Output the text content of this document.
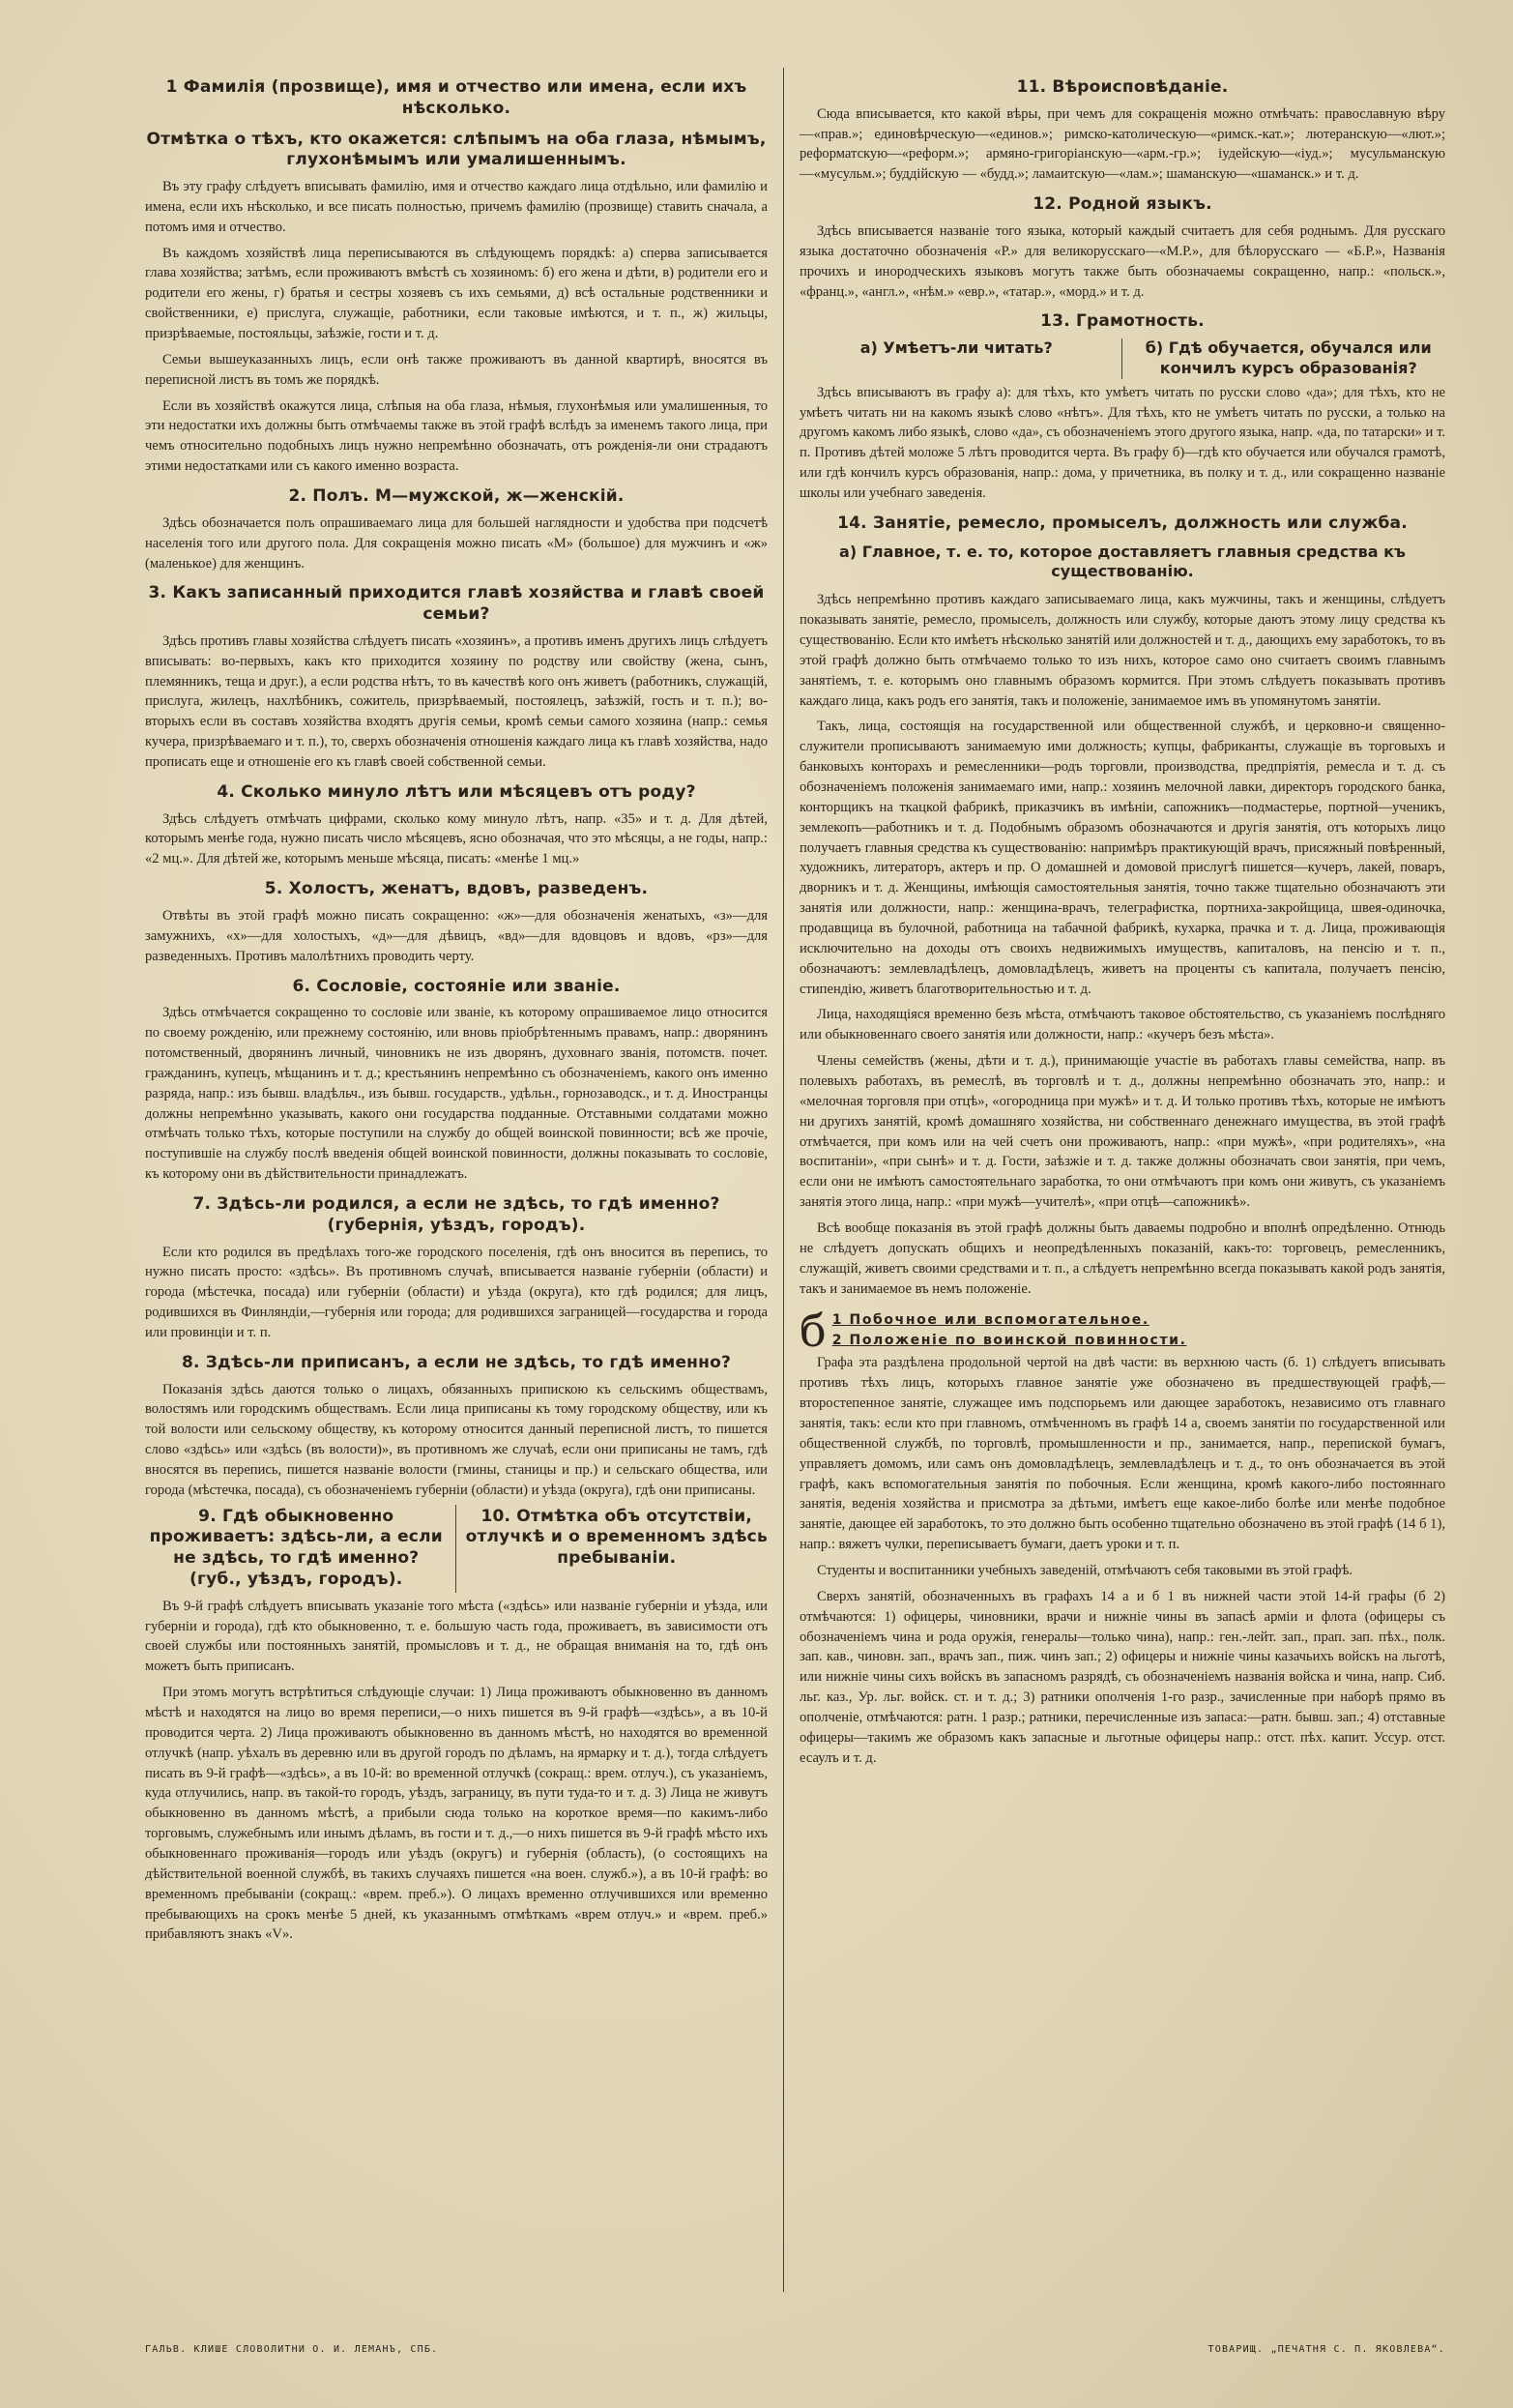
1 Фамилія (прозвище), имя и отчество или имена, если ихъ нѣсколько.
Отмѣтка о тѣхъ, кто окажется: слѣпымъ на оба глаза, нѣмымъ, глухонѣмымъ или умалишеннымъ.

Въ эту графу слѣдуетъ вписывать фамилію, имя и отчество каждаго лица отдѣльно, или фамилію и имена, если ихъ нѣсколько, и все писать полностью, причемъ фамилію (прозвище) ставить сначала, а потомъ имя и отчество.

Въ каждомъ хозяйствѣ лица переписываются въ слѣдующемъ порядкѣ: а) сперва записывается глава хозяйства; затѣмъ, если проживаютъ вмѣстѣ съ хозяиномъ: б) его жена и дѣти, в) родители его и родители его жены, г) братья и сестры хозяевъ съ ихъ семьями, д) всѣ остальные родственники и свойственники, е) прислуга, служащіе, работники, если таковые имѣются, и т. п., ж) жильцы, призрѣваемые, постояльцы, заѣзжіе, гости и т. д.

Семьи вышеуказанныхъ лицъ, если онѣ также проживаютъ въ данной квартирѣ, вносятся въ переписной листъ въ томъ же порядкѣ.

Если въ хозяйствѣ окажутся лица, слѣпыя на оба глаза, нѣмыя, глухонѣмыя или умалишенныя, то эти недостатки ихъ должны быть отмѣчаемы также въ этой графѣ вслѣдъ за именемъ такого лица, при чемъ относительно подобныхъ лицъ нужно непремѣнно обозначать, отъ рожденія-ли они страдаютъ этими недостатками или съ какого именно возраста.

2. Полъ. М—мужской, ж—женскій.

Здѣсь обозначается полъ опрашиваемаго лица для большей наглядности и удобства при подсчетѣ населенія того или другого пола. Для сокращенія можно писать «М» (большое) для мужчинъ и «ж» (маленькое) для женщинъ.

3. Какъ записанный приходится главѣ хозяйства и главѣ своей семьи?

Здѣсь противъ главы хозяйства слѣдуетъ писать «хозяинъ», а противъ именъ другихъ лицъ слѣдуетъ вписывать: во-первыхъ, какъ кто приходится хозяину по родству или свойству (жена, сынъ, племянникъ, теща и друг.), а если родства нѣтъ, то въ качествѣ кого онъ живетъ (работникъ, служащій, прислуга, жилецъ, нахлѣбникъ, сожитель, призрѣваемый, постоялецъ, заѣзжій, гость и т. п.); во-вторыхъ если въ составъ хозяйства входятъ другія семьи, кромѣ семьи самого хозяина (напр.: семья кучера, призрѣваемаго и т. п.), то, сверхъ обозначенія отношенія каждаго лица къ главѣ хозяйства, надо прописать еще и отношеніе его къ главѣ своей собственной семьи.

4. Сколько минуло лѣтъ или мѣсяцевъ отъ роду?

Здѣсь слѣдуетъ отмѣчать цифрами, сколько кому минуло лѣтъ, напр. «35» и т. д. Для дѣтей, которымъ менѣе года, нужно писать число мѣсяцевъ, ясно обозначая, что это мѣсяцы, а не годы, напр.: «2 мц.». Для дѣтей же, которымъ меньше мѣсяца, писать: «менѣе 1 мц.»

5. Холостъ, женатъ, вдовъ, разведенъ.

Отвѣты въ этой графѣ можно писать сокращенно: «ж»—для обозначенія женатыхъ, «з»—для замужнихъ, «х»—для холостыхъ, «д»—для дѣвицъ, «вд»—для вдовцовъ и вдовъ, «рз»—для разведенныхъ. Противъ малолѣтнихъ проводить черту.

6. Сословіе, состояніе или званіе.

Здѣсь отмѣчается сокращенно то сословіе или званіе, къ которому опрашиваемое лицо относится по своему рожденію, или прежнему состоянію, или вновь пріобрѣтеннымъ правамъ, напр.: дворянинъ потомственный, дворянинъ личный, чиновникъ не изъ дворянъ, духовнаго званія, потомств. почет. гражданинъ, купецъ, мѣщанинъ и т. д.; крестьянинъ непремѣнно съ обозначеніемъ, какого онъ именно разряда, напр.: изъ бывш. владѣльч., изъ бывш. государств., удѣльн., горнозаводск., и т. д. Иностранцы должны непремѣнно указывать, какого они государства подданные. Отставными солдатами можно отмѣчать только тѣхъ, которые поступили на службу до общей воинской повинности; всѣ же прочіе, поступившіе на службу послѣ введенія общей воинской повинности, должны показывать то сословіе, къ которому они въ дѣйствительности принадлежатъ.

7. Здѣсь-ли родился, а если не здѣсь, то гдѣ именно? (губернія, уѣздъ, городъ).

Если кто родился въ предѣлахъ того-же городского поселенія, гдѣ онъ вносится въ перепись, то нужно писать просто: «здѣсь». Въ противномъ случаѣ, вписывается названіе губерніи (области) и города (мѣстечка, посада) или губерніи (области) и уѣзда (округа), кто гдѣ родился; для лицъ, родившихся въ Финляндіи,—губернія или города; для родившихся заграницей—государства и города или провинціи и т. п.

8. Здѣсь-ли приписанъ, а если не здѣсь, то гдѣ именно?

Показанія здѣсь даются только о лицахъ, обязанныхъ припискою къ сельскимъ обществамъ, волостямъ или городскимъ обществамъ. Если лица приписаны къ тому городскому обществу, или къ той волости или сельскому обществу, къ которому относится данный переписной листъ, то пишется слово «здѣсь» или «здѣсь (въ волости)», въ противномъ же случаѣ, если они приписаны не тамъ, гдѣ вносятся въ перепись, пишется названіе волости (гмины, станицы и пр.) и сельскаго общества, или города (мѣстечка, посада), съ обозначеніемъ губерніи (области) и уѣзда (округа), гдѣ они приписаны.

9. Гдѣ обыкновенно проживаетъ: здѣсь-ли, а если не здѣсь, то гдѣ именно? (губ., уѣздъ, городъ).
10. Отмѣтка объ отсутствіи, отлучкѣ и о временномъ здѣсь пребываніи.

Въ 9-й графѣ слѣдуетъ вписывать указаніе того мѣста («здѣсь» или названіе губерніи и уѣзда, или губерніи и города), гдѣ кто обыкновенно, т. е. большую часть года, проживаетъ, въ зависимости отъ своей службы или постоянныхъ занятій, промысловъ и т. д., не обращая вниманія на то, гдѣ онъ можетъ быть приписанъ.

При этомъ могутъ встрѣтиться слѣдующіе случаи: 1) Лица проживаютъ обыкновенно въ данномъ мѣстѣ и находятся на лицо во время переписи,—о нихъ пишется въ 9-й графѣ—«здѣсь», а въ 10-й проводится черта. 2) Лица проживаютъ обыкновенно въ данномъ мѣстѣ, но находятся во временной отлучкѣ (напр. уѣхалъ въ деревню или въ другой городъ по дѣламъ, на ярмарку и т. д.), тогда слѣдуетъ писать въ 9-й графѣ—«здѣсь», а въ 10-й: во временной отлучкѣ (сокращ.: врем. отлуч.), съ указаніемъ, куда отлучились, напр. въ такой-то городъ, уѣздъ, заграницу, въ пути туда-то и т. д. 3) Лица не живутъ обыкновенно въ данномъ мѣстѣ, а прибыли сюда только на короткое время—по какимъ-либо торговымъ, служебнымъ или инымъ дѣламъ, въ гости и т. д.,—о нихъ пишется въ 9-й графѣ мѣсто ихъ обыкновеннаго проживанія—городъ или уѣздъ (округъ) и губернія (область), (о состоящихъ на дѣйствительной военной службѣ, въ такихъ случаяхъ пишется «на воен. служб.»), а въ 10-й графѣ: во временномъ пребываніи (сокращ.: «врем. преб.»). О лицахъ временно отлучившихся или временно пребывающихъ на срокъ менѣе 5 дней, къ указаннымъ отмѣткамъ «врем отлуч.» и «врем. преб.» прибавляютъ знакъ «V».

11. Вѣроисповѣданіе.

Сюда вписывается, кто какой вѣры, при чемъ для сокращенія можно отмѣчать: православную вѣру—«прав.»; единовѣрческую—«единов.»; римско-католическую—«римск.-кат.»; лютеранскую—«лют.»; реформатскую—«реформ.»; армяно-григоріанскую—«арм.-гр.»; іудейскую—«іуд.»; мусульманскую—«мусульм.»; буддійскую — «будд.»; ламаитскую—«лам.»; шаманскую—«шаманск.» и т. д.

12. Родной языкъ.

Здѣсь вписывается названіе того языка, который каждый считаетъ для себя роднымъ. Для русскаго языка достаточно обозначенія «Р.» для великорусскаго—«М.Р.», для бѣлорусскаго — «Б.Р.», Названія прочихъ и инородческихъ языковъ могутъ также быть обозначаемы сокращенно, напр.: «польск.», «франц.», «англ.», «нѣм.» «евр.», «татар.», «морд.» и т. д.

13. Грамотность.
а) Умѣетъ-ли читать?	б) Гдѣ обучается, обучался или кончилъ курсъ образованія?

Здѣсь вписываютъ въ графу а): для тѣхъ, кто умѣетъ читать по русски слово «да»; для тѣхъ, кто не умѣетъ читать ни на какомъ языкѣ слово «нѣтъ». Для тѣхъ, кто не умѣетъ читать по русски, а только на другомъ какомъ либо языкѣ, слово «да», съ обозначеніемъ этого другого языка, напр. «да, по татарски» и т. п. Противъ дѣтей моложе 5 лѣтъ проводится черта. Въ графу б)—гдѣ кто обучается или обучался грамотѣ, или гдѣ кончилъ курсъ образованія, напр.: дома, у причетника, въ полку и т. д., или сокращенно названіе школы или учебнаго заведенія.

14. Занятіе, ремесло, промыселъ, должность или служба.
а) Главное, т. е. то, которое доставляетъ главныя средства къ существованію.

Здѣсь непремѣнно противъ каждаго записываемаго лица, какъ мужчины, такъ и женщины, слѣдуетъ показывать занятіе, ремесло, промыселъ, должность или службу, которые даютъ этому лицу средства къ существованію. Если кто имѣетъ нѣсколько занятій или должностей и т. д., дающихъ ему заработокъ, то въ этой графѣ должно быть отмѣчаемо только то изъ нихъ, которое само оно считаетъ своимъ главнымъ занятіемъ, т. е. которымъ оно главнымъ образомъ кормится. При этомъ слѣдуетъ показывать противъ каждаго лица, какъ родъ его занятія, такъ и положеніе, занимаемое имъ въ упомянутомъ занятіи.

Такъ, лица, состоящія на государственной или общественной службѣ, и церковно-и священно-служители прописываютъ занимаемую ими должность; купцы, фабриканты, служащіе въ торговыхъ и банковыхъ конторахъ и ремесленники—родъ торговли, производства, предпріятія, ремесла и т. д. съ обозначеніемъ положенія занимаемаго ими, напр.: хозяинъ мелочной лавки, директоръ городского банка, конторщикъ на ткацкой фабрикѣ, приказчикъ въ имѣніи, сапожникъ—подмастерье, портной—ученикъ, землекопъ—работникъ и т. д. Подобнымъ образомъ обозначаются и другія занятія, отъ которыхъ лицо получаетъ главныя средства къ существованію: напримѣръ практикующій врачъ, присяжный повѣренный, художникъ, литераторъ, актеръ и пр. О домашней и домовой прислугѣ пишется—кучеръ, лакей, поваръ, дворникъ и т. д. Женщины, имѣющія самостоятельныя занятія, точно также тщательно обозначаютъ эти занятія или должности, напр.: женщина-врачъ, телеграфистка, портниха-закройщица, швея-одиночка, продавщица въ булочной, работница на табачной фабрикѣ, кухарка, прачка и т. д. Лица, проживающія исключительно на доходы отъ своихъ недвижимыхъ имуществъ, капиталовъ, на пенсію и т. п., обозначаютъ: землевладѣлецъ, домовладѣлецъ, живетъ на проценты съ капитала, получаетъ пенсію, стипендію, живетъ благотворительностью и т. д.

Лица, находящіяся временно безъ мѣста, отмѣчаютъ таковое обстоятельство, съ указаніемъ послѣдняго или обыкновеннаго своего занятія или должности, напр.: «кучеръ безъ мѣста».

Члены семействъ (жены, дѣти и т. д.), принимающіе участіе въ работахъ главы семейства, напр. въ полевыхъ работахъ, въ ремеслѣ, въ торговлѣ и т. д., должны непремѣнно обозначать это, напр.: и «мелочная торговля при отцѣ», «огородница при мужѣ» и т. д. И только противъ тѣхъ, которые не имѣютъ ни другихъ занятій, кромѣ домашняго хозяйства, ни собственнаго денежнаго имущества, въ этой графѣ отмѣчается, при комъ или на чей счетъ они проживаютъ, напр.: «при мужѣ», «при родителяхъ», «на воспитаніи», «при сынѣ» и т. д. Гости, заѣзжіе и т. д. также должны обозначать свои занятія, при чемъ, если они не имѣютъ самостоятельнаго заработка, то они отмѣчаютъ при комъ они живутъ, съ указаніемъ занятія этого лица, напр.: «при мужѣ—учителѣ», «при отцѣ—сапожникѣ».

Всѣ вообще показанія въ этой графѣ должны быть даваемы подробно и вполнѣ опредѣленно. Отнюдь не слѣдуетъ допускать общихъ и неопредѣленныхъ показаній, какъ-то: торговецъ, ремесленникъ, служащій, живетъ своими средствами и т. п., а слѣдуетъ непремѣнно всегда показывать какой родъ занятія, такъ и занимаемое въ немъ положеніе.

б 1 Побочное или вспомогательное.
2 Положеніе по воинской повинности.

Графа эта раздѣлена продольной чертой на двѣ части: въ верхнюю часть (б. 1) слѣдуетъ вписывать противъ тѣхъ лицъ, которыхъ главное занятіе уже обозначено въ предшествующей графѣ,—второстепенное занятіе, служащее имъ подспорьемъ или дающее заработокъ, независимо отъ главнаго занятія, такъ: если кто при главномъ, отмѣченномъ въ графѣ 14 а, своемъ занятіи по государственной или общественной службѣ, по торговлѣ, промышленности и пр., занимается, напр., перепиской бумагъ, управляетъ домомъ, или самъ онъ домовладѣлецъ, землевладѣлецъ и т. д., то онъ обозначается въ этой графѣ, какъ вспомогательныя занятія по побочныя. Если женщина, кромѣ какого-либо постояннаго занятія, веденія хозяйства и присмотра за дѣтьми, имѣетъ еще какое-либо болѣе или менѣе подобное занятіе, дающее ей заработокъ, то это должно быть особенно тщательно обозначено въ этой графѣ (14 б 1), напр.: вяжетъ чулки, переписываетъ бумаги, даетъ уроки и т. п.

Студенты и воспитанники учебныхъ заведеній, отмѣчаютъ себя таковыми въ этой графѣ.

Сверхъ занятій, обозначенныхъ въ графахъ 14 а и б 1 въ нижней части этой 14-й графы (б 2) отмѣчаются: 1) офицеры, чиновники, врачи и нижніе чины въ запасѣ арміи и флота (офицеры съ обозначеніемъ чина и рода оружія, генералы—только чина), напр.: ген.-лейт. зап., прап. зап. пѣх., полк. зап. кав., чиновн. зап., врачъ зап., пиж. чинъ зап.; 2) офицеры и нижніе чины казачьихъ войскъ на льготѣ, или нижніе чины сихъ войскъ въ запасномъ разрядѣ, съ обозначеніемъ названія войска и чина, напр. Сиб. льг. каз., Ур. льг. войск. ст. и т. д.; 3) ратники ополченія 1-го разр., зачисленные при наборѣ прямо въ ополченіе, отмѣчаются: ратн. 1 разр.; ратники, перечисленные изъ запаса:—ратн. бывш. зап.; 4) отставные офицеры—такимъ же образомъ какъ запасные и льготные офицеры напр.: отст. пѣх. капит. Уссур. отст. есаулъ и т. д.

ГАЛЬВ. КЛИШЕ СЛОВОЛИТНИ О. И. ЛЕМАНЪ, СПБ.	ТОВАРИЩ. „ПЕЧАТНЯ С. П. ЯКОВЛЕВА“.
